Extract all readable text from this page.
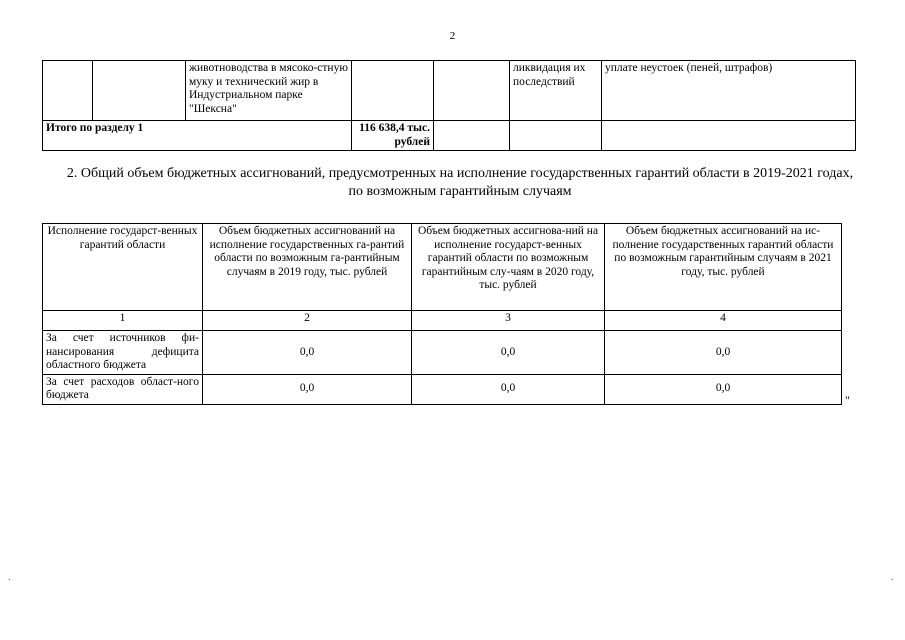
2
		животноводства в мясоко-стную муку и технический жир в Индустриальном парке "Шексна"			ликвидация их последствий	уплате неустоек (пеней, штрафов)
Итого по разделу 1			116 638,4 тыс. рублей			
2. Общий объем бюджетных ассигнований, предусмотренных на исполнение государственных гарантий области в 2019-2021 годах, по возможным гарантийным случаям
Исполнение государст-венных гарантий области	Объем бюджетных ассигнований на исполнение государственных га-рантий области по возможным га-рантийным случаям в 2019 году, тыс. рублей	Объем бюджетных ассигнова-ний на исполнение государст-венных гарантий области по возможным гарантийным слу-чаям в 2020 году, тыс. рублей	Объем бюджетных ассигнований на ис-полнение государственных гарантий области по возможным гарантийным случаям в 2021 году, тыс. рублей
1	2	3	4
За счет источников фи-нансирования дефицита областного бюджета	0,0	0,0	0,0
За счет расходов област-ного бюджета	0,0	0,0	0,0
"
.	.
